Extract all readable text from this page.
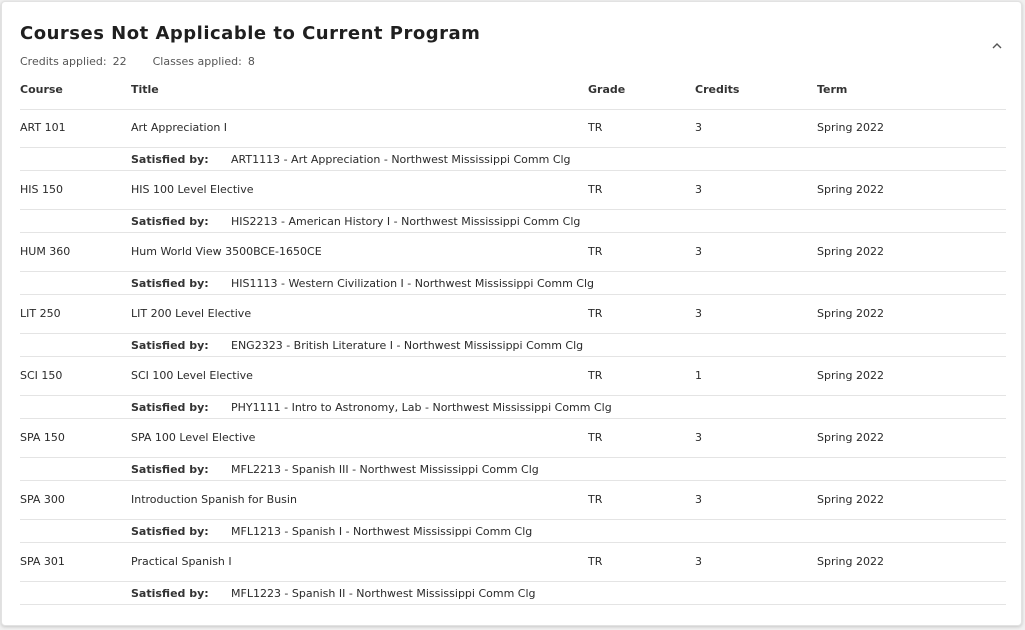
Courses Not Applicable to Current Program
Credits applied: 22 Classes applied: 8
Course	Title	Grade	Credits	Term
ART 101	Art Appreciation I	TR	3	Spring 2022
Satisfied by: ART1113 - Art Appreciation - Northwest Mississippi Comm Clg
HIS 150	HIS 100 Level Elective	TR	3	Spring 2022
Satisfied by: HIS2213 - American History I - Northwest Mississippi Comm Clg
HUM 360	Hum World View 3500BCE-1650CE	TR	3	Spring 2022
Satisfied by: HIS1113 - Western Civilization I - Northwest Mississippi Comm Clg
LIT 250	LIT 200 Level Elective	TR	3	Spring 2022
Satisfied by: ENG2323 - British Literature I - Northwest Mississippi Comm Clg
SCI 150	SCI 100 Level Elective	TR	1	Spring 2022
Satisfied by: PHY1111 - Intro to Astronomy, Lab - Northwest Mississippi Comm Clg
SPA 150	SPA 100 Level Elective	TR	3	Spring 2022
Satisfied by: MFL2213 - Spanish III - Northwest Mississippi Comm Clg
SPA 300	Introduction Spanish for Busin	TR	3	Spring 2022
Satisfied by: MFL1213 - Spanish I - Northwest Mississippi Comm Clg
SPA 301	Practical Spanish I	TR	3	Spring 2022
Satisfied by: MFL1223 - Spanish II - Northwest Mississippi Comm Clg
